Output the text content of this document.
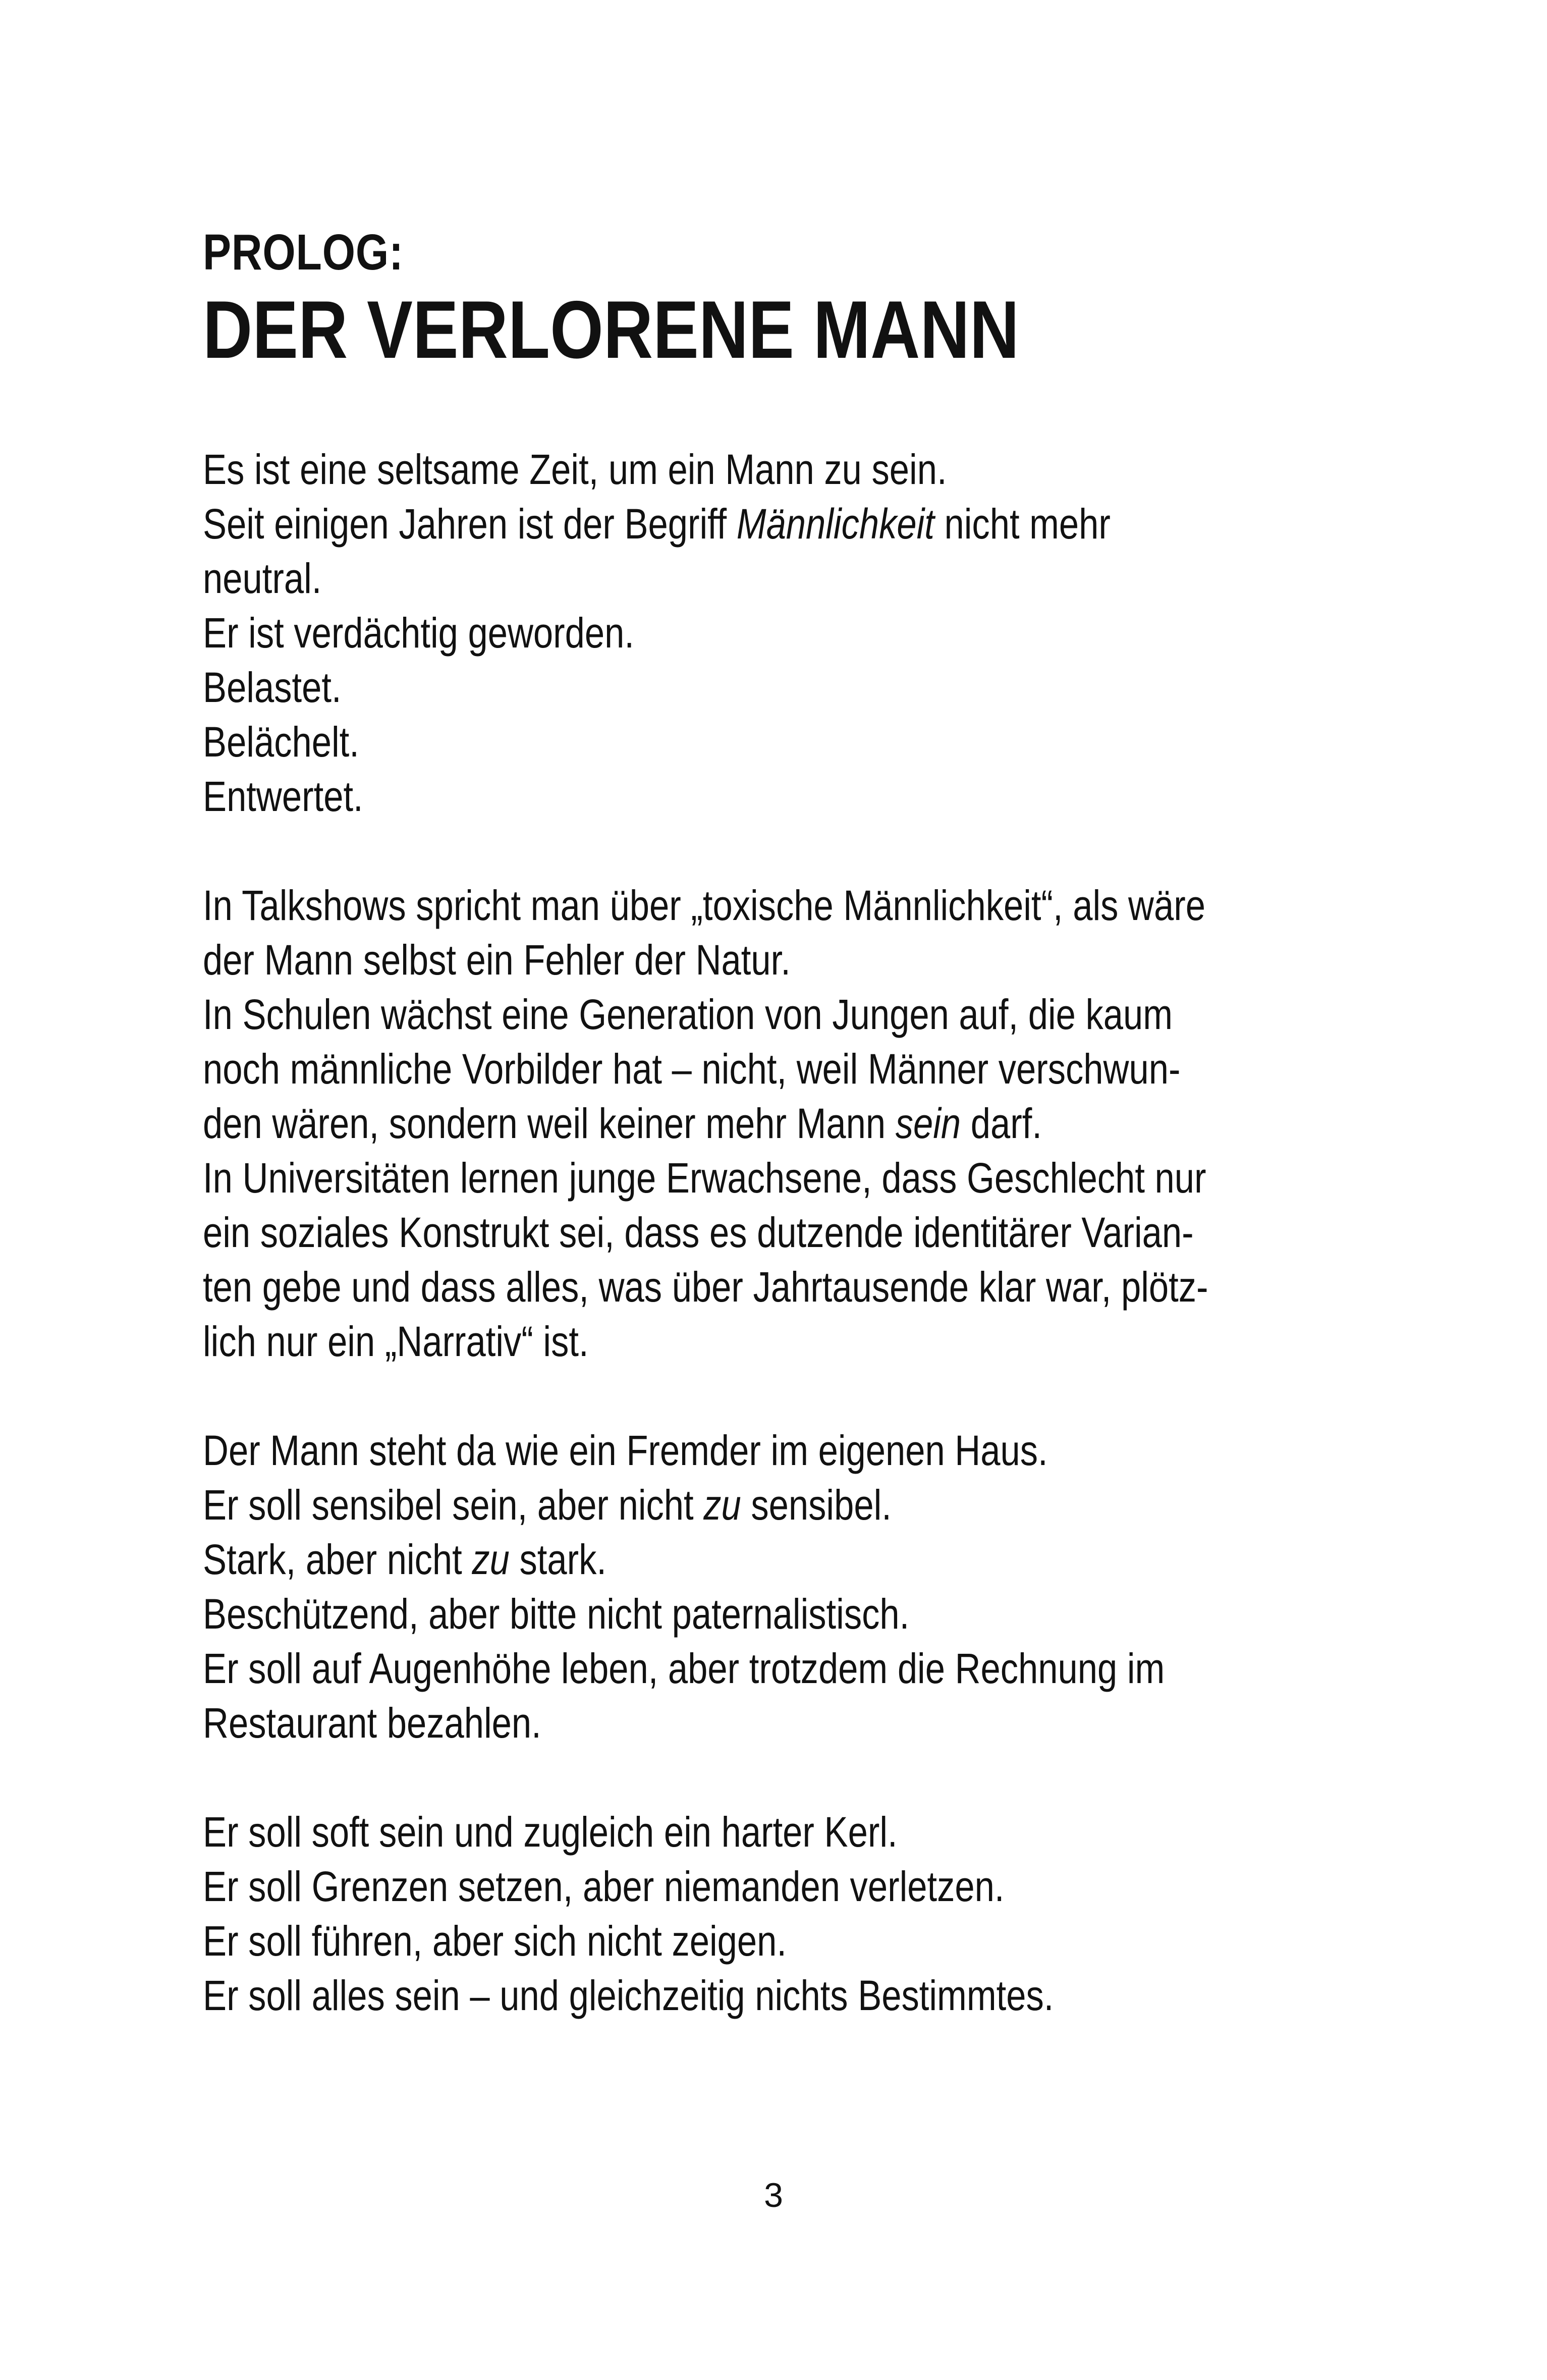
PROLOG:
DER VERLORENE MANN
Es ist eine seltsame Zeit, um ein Mann zu sein.
Seit einigen Jahren ist der Begriff Männlichkeit nicht mehr
neutral.
Er ist verdächtig geworden.
Belastet.
Belächelt.
Entwertet.
In Talkshows spricht man über „toxische Männlichkeit“, als wäre
der Mann selbst ein Fehler der Natur.
In Schulen wächst eine Generation von Jungen auf, die kaum
noch männliche Vorbilder hat – nicht, weil Männer verschwun-
den wären, sondern weil keiner mehr Mann sein darf.
In Universitäten lernen junge Erwachsene, dass Geschlecht nur
ein soziales Konstrukt sei, dass es dutzende identitärer Varian-
ten gebe und dass alles, was über Jahrtausende klar war, plötz-
lich nur ein „Narrativ“ ist.
Der Mann steht da wie ein Fremder im eigenen Haus.
Er soll sensibel sein, aber nicht zu sensibel.
Stark, aber nicht zu stark.
Beschützend, aber bitte nicht paternalistisch.
Er soll auf Augenhöhe leben, aber trotzdem die Rechnung im
Restaurant bezahlen.
Er soll soft sein und zugleich ein harter Kerl.
Er soll Grenzen setzen, aber niemanden verletzen.
Er soll führen, aber sich nicht zeigen.
Er soll alles sein – und gleichzeitig nichts Bestimmtes.
3
